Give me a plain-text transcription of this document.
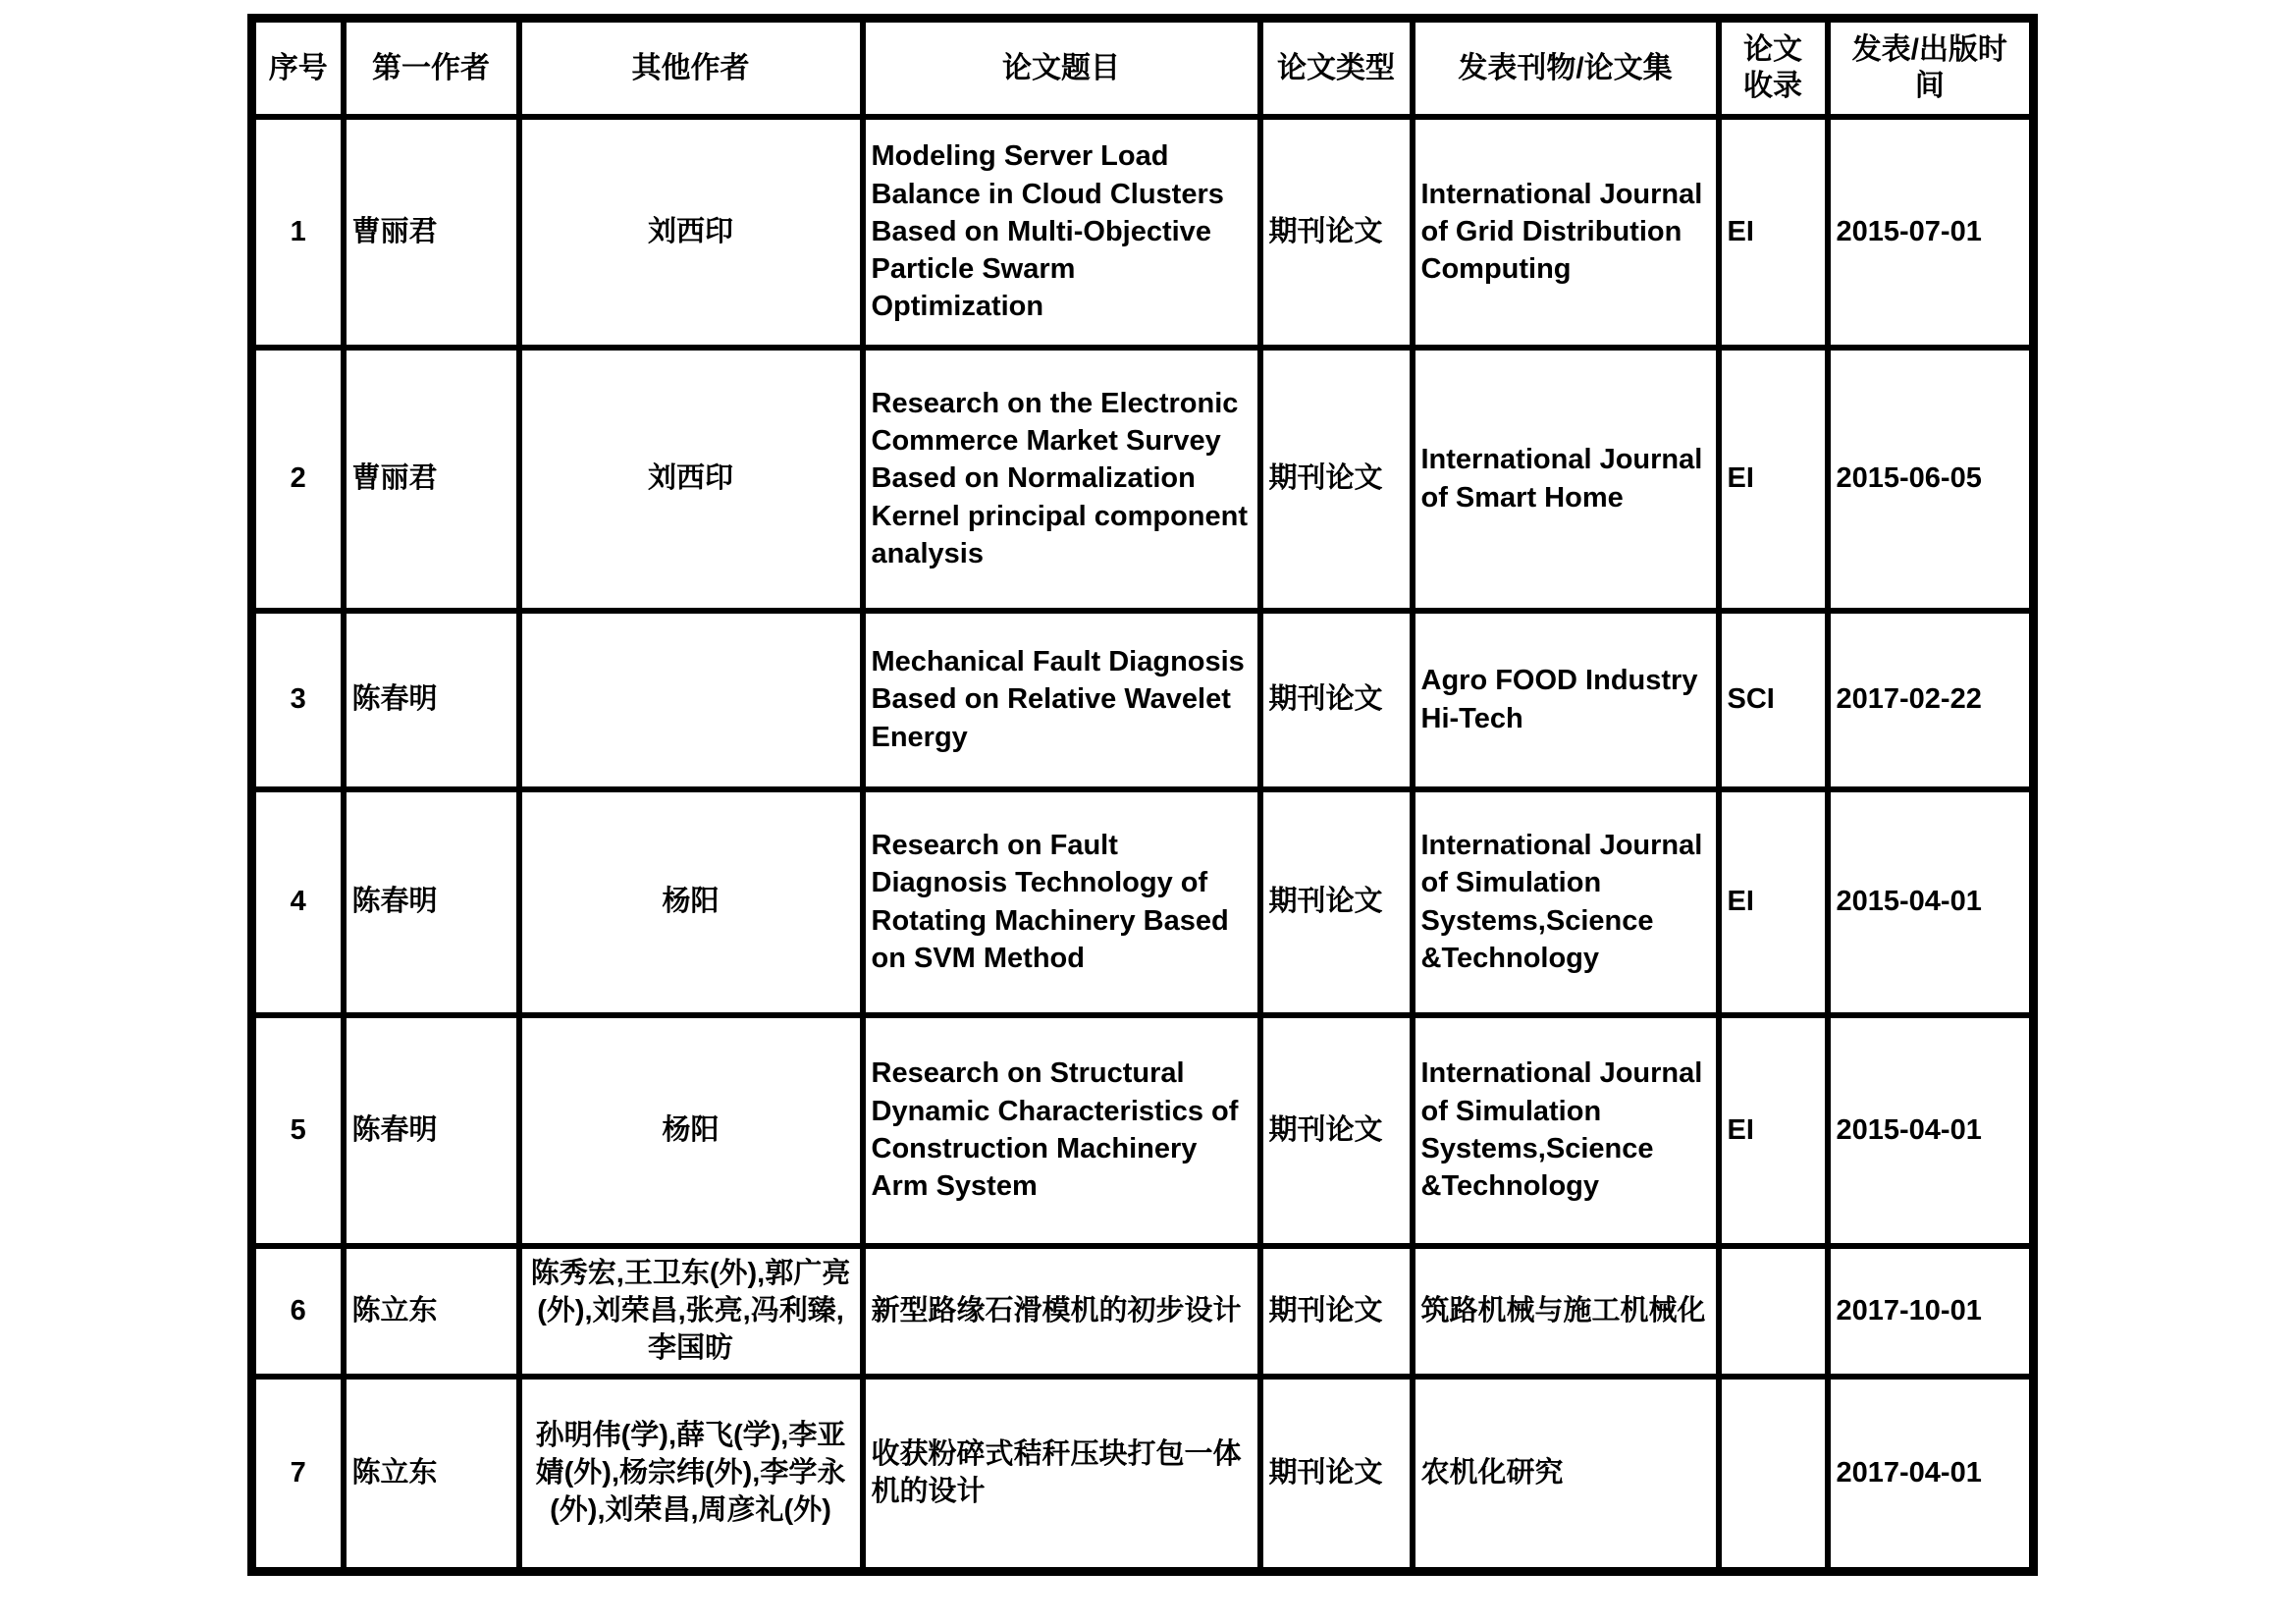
序号	第一作者	其他作者	论文题目	论文类型	发表刊物/论文集	论文收录	发表/出版时间
1	曹丽君	刘西印	Modeling Server Load Balance in Cloud Clusters Based on Multi-Objective Particle Swarm Optimization	期刊论文	International Journal of Grid Distribution Computing	EI	2015-07-01
2	曹丽君	刘西印	Research on the Electronic Commerce Market Survey Based on Normalization Kernel principal component analysis	期刊论文	International Journal of Smart Home	EI	2015-06-05
3	陈春明		Mechanical Fault Diagnosis Based on Relative Wavelet Energy	期刊论文	Agro FOOD Industry Hi-Tech	SCI	2017-02-22
4	陈春明	杨阳	Research on Fault Diagnosis Technology of Rotating Machinery Based on SVM Method	期刊论文	International Journal of Simulation Systems,Science &Technology	EI	2015-04-01
5	陈春明	杨阳	Research on Structural Dynamic Characteristics of Construction Machinery Arm System	期刊论文	International Journal of Simulation Systems,Science &Technology	EI	2015-04-01
6	陈立东	陈秀宏,王卫东(外),郭广亮(外),刘荣昌,张亮,冯利臻,李国昉	新型路缘石滑模机的初步设计	期刊论文	筑路机械与施工机械化		2017-10-01
7	陈立东	孙明伟(学),薛飞(学),李亚婧(外),杨宗纬(外),李学永(外),刘荣昌,周彦礼(外)	收获粉碎式秸秆压块打包一体机的设计	期刊论文	农机化研究		2017-04-01
